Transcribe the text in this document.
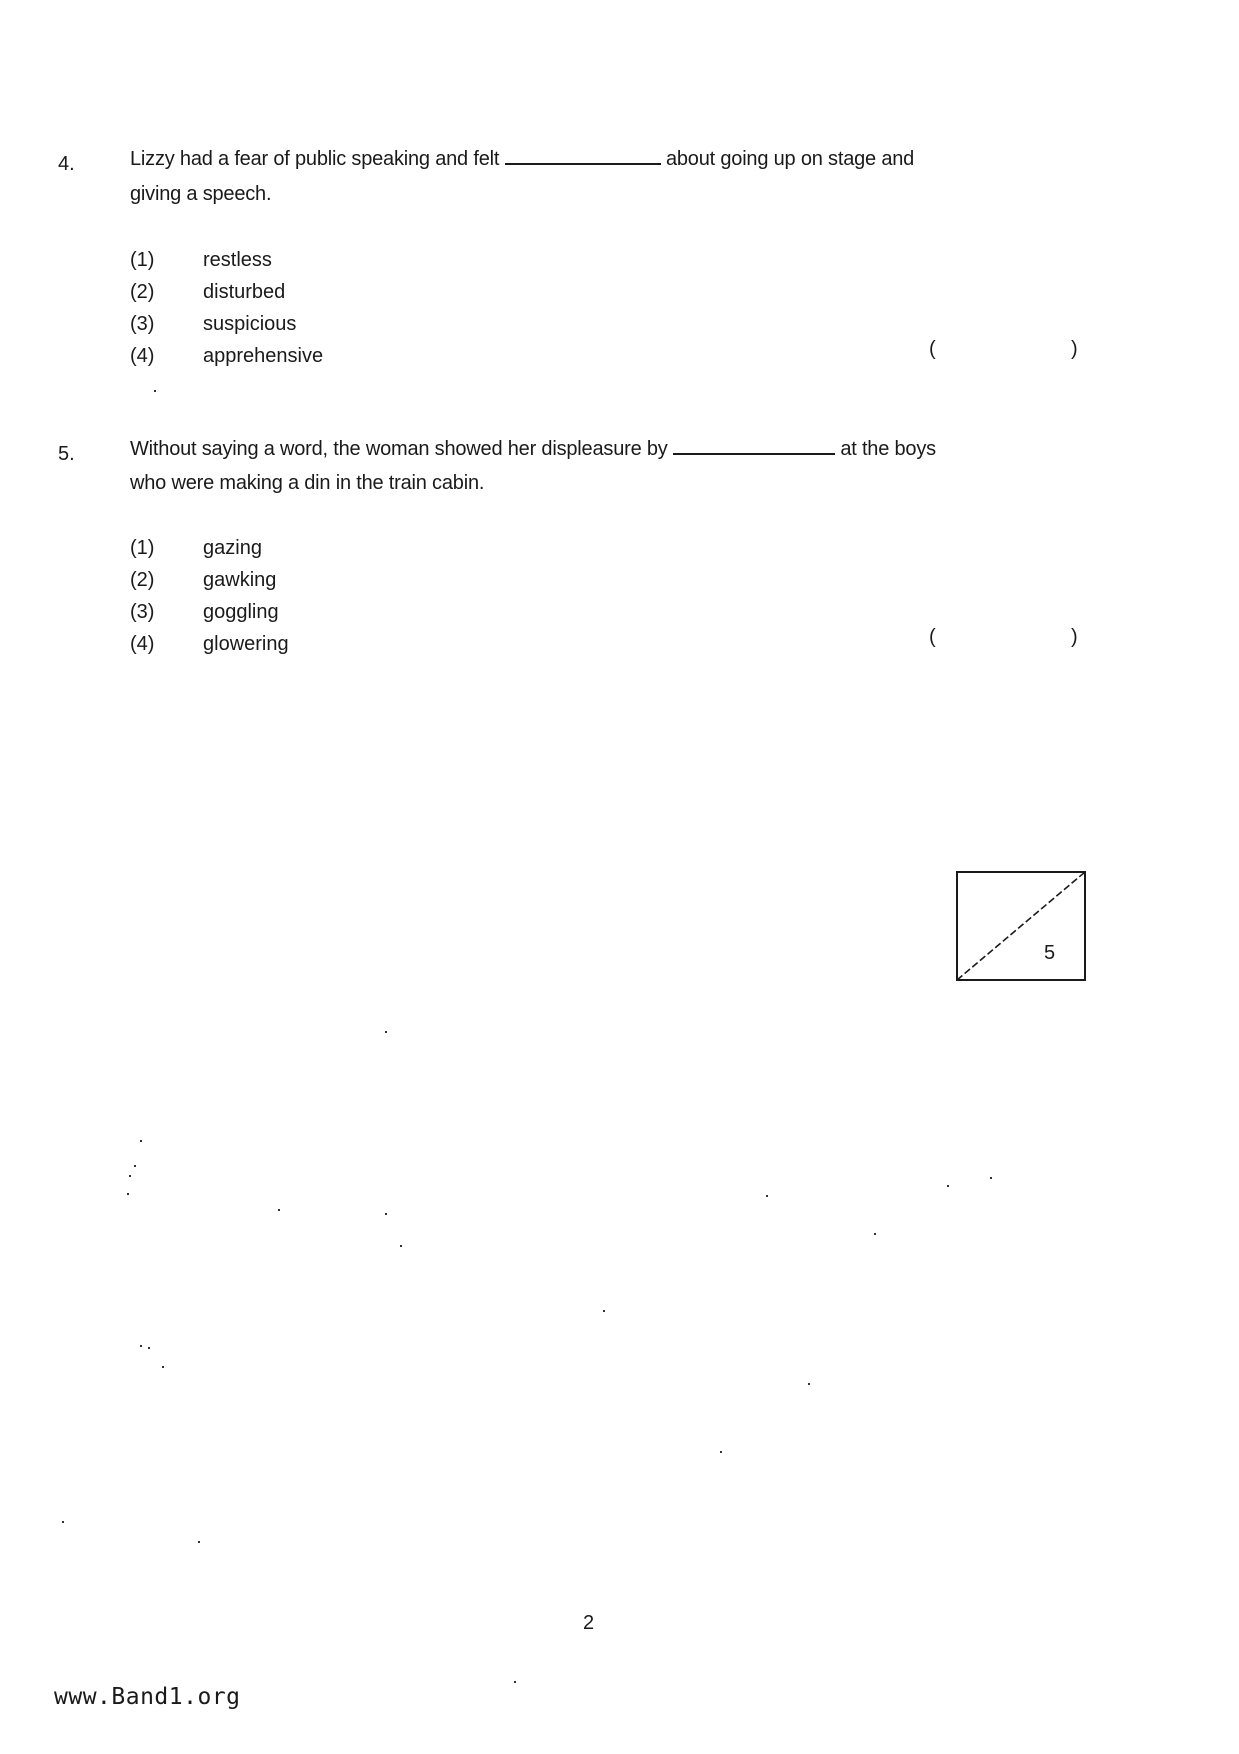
4.	Lizzy had a fear of public speaking and felt	about going up on stage and
giving a speech.
(1) restless
(2) disturbed
(3) suspicious
(4) apprehensive	(	)
5.	Without saying a word, the woman showed her displeasure by	at the boys
who were making a din in the train cabin.
(1) gazing
(2) gawking
(3) goggling
(4) glowering	(	)
5
2
www.Band1.org
